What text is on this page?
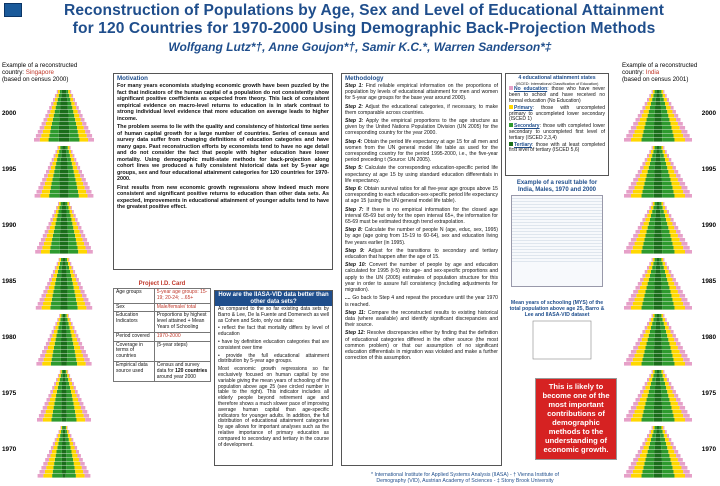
Reconstruction of Populations by Age, Sex and Level of Educational Attainment
for 120 Countries for 1970-2000 Using Demographic Back-Projection Methods
Wolfgang Lutz*†, Anne Goujon*†, Samir K.C.*, Warren Sanderson*‡
Example of a reconstructed
country: Singapore
(based on census 2000)
2000
1995
1990
1985
1980
1975
1970
Example of a reconstructed
country: India
(based on census 2001)
2000
1995
1990
1985
1980
1975
1970
Motivation
For many years economists studying economic growth have been puzzled by the fact that indicators of the human capital of a population do not consistently show significant positive coefficients as expected from theory. This lack of consistent empirical evidence on macro-level returns to education is in stark contrast to strong individual level evidence that more education on average leads to higher income.
The problem seems to lie with the quality and consistency of historical time series of human capital growth for a large number of countries. Series of census and survey data suffer from changing definitions of education categories and have many gaps. Past reconstruction efforts by economists tend to have no age detail and do not consider the fact that people with higher education have lower mortality. Using demographic multi-state methods for back-projection along cohort lines we produced a fully consistent historical data set by 5-year age groups, sex and four educational attainment categories for 120 countries for 1970-2000.
First results from new economic growth regressions show indeed much more consistent and significant positive returns to education than other data sets. As expected, improvements in educational attainment of younger adults tend to have the greatest positive effect.
Project I.D. Card
Age groups	5-year age groups: 15-19; 20-24; ...65+
Sex	Male/female/ total
Education Indicators	Proportions by highest level attained + Mean Years of Schooling
Period covered	1970-2000
Coverage in terms of countries	(5-year steps)
Empirical data source used	Census and survey data for 120 countries around year 2000
How are the IIASA-VID data better than other data sets?
As compared to the so far existing data sets by Barro & Lee, De la Fuente and Domenech as well as Cohen and Soto, only our data:
• reflect the fact that mortality differs by level of education
• have by definition education categories that are consistent over time
• provide the full educational attainment distribution by 5-year age groups.
Most economic growth regressions so far exclusively focused on human capital by one variable giving the mean years of schooling of the population above age 25 (see circled number in table to the right). This indicator includes all elderly people beyond retirement age and therefore shows a much slower pace of improving average human capital than age-specific indicators for younger adults. In addition, the full distribution of educational attainment categories by age allows for important analyses such as the relative importance of primary education as compared to secondary and tertiary in the course of development.
Methodology
Step 1: Find reliable empirical information on the proportions of population by levels of educational attainment for men and women for 5-year age groups for the base year around 2000).
Step 2: Adjust the educational categories, if necessary, to make them comparable across countries.
Step 3: Apply the empirical proportions to the age structure as given by the United Nations Population Division (UN 2005) for the corresponding country for the year 2000.
Step 4: Obtain the period life expectancy at age 15 for all men and women from the UN general model life table as used for the corresponding country for the period 1995-2000, i.e., the five-year period preceding t (Source: UN 2005).
Step 5: Calculate the corresponding education-specific period life expectancy at age 15 by using standard education differentials in life expectancy.
Step 6: Obtain survival ratios for all five-year age groups above 15 corresponding to each education-sex-specific period life expectancy at age 15 (using the UN general model life table).
Step 7: If there is no empirical information for the closed age interval 65-69 but only for the open interval 65+, the information for 65-69 must be estimated through trend extrapolation.
Step 8: Calculate the number of people N (age, educ, sex, 1995) by age (age going from 15-19 to 60-64), sex and education living five years earlier (in 1995).
Step 9: Adjust for the transitions to secondary and tertiary education that happen after the age of 15.
Step 10: Convert the number of people by age and education calculated for 1995 (t-5) into age- and sex-specific proportions and apply to the UN (2005) estimates of population structure for this year in order to assure full consistency (including adjustments for migration).
.... Go back to Step 4 and repeat the procedure until the year 1970 is reached.
Step 11: Compare the reconstructed results to existing historical data (where available) and identify significant discrepancies and their source.
Step 12: Resolve discrepancies either by finding that the definition of educational categories differed in the other source (the most common problem) or that our assumption of no significant education differentials in migration was violated and make a further correction of this assumption.
4 educational attainment states
(ISCED: International Classification of Education)
No education: those who have never been to school and have received no formal education (No Education)
Primary: those with uncompleted primary to uncompleted lower secondary (ISCED 1)
Secondary: those with completed lower secondary to uncompleted first level of tertiary (ISCED 2,3,4)
Tertiary: those with at least completed first level of tertiary (ISCED 5,6)
Example of a result table for
India, Males, 1970 and 2000
Mean years of schooling (MYS) of the total population above age 25, Barro & Lee and IIASA-VID dataset
This is likely to become one of the most important contributions of demographic methods to the understanding of economic growth.
* International Institute for Applied Systems Analysis (IIASA) - † Vienna Institute of
Demography (VID), Austrian Academy of Sciences - ‡ Stony Brook University
